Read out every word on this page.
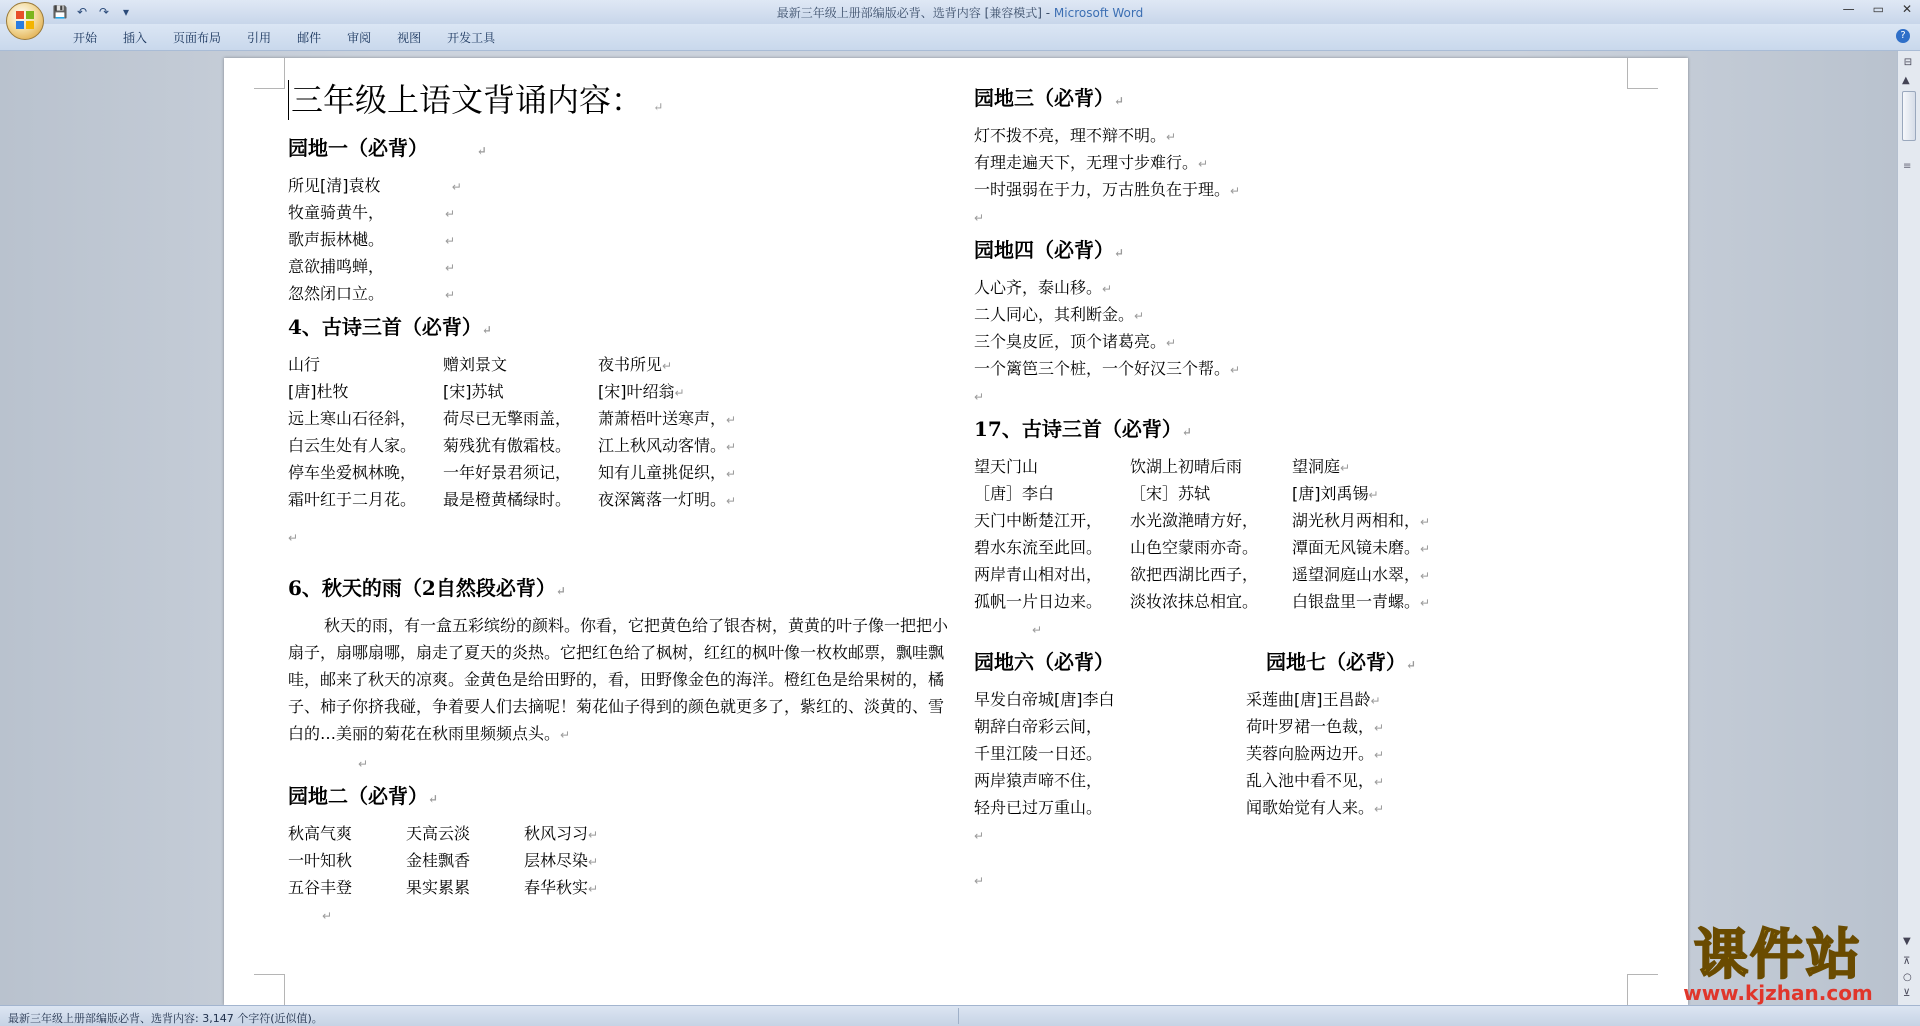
💾 ↶ ↷	▾	最新三年级上册部编版必背、选背内容 [兼容模式] - Microsoft Word	— ▭ ✕
开始	插入	页面布局	引用	邮件	审阅	视图	开发工具	?
三年级上语文背诵内容： ↵
园地一（必背）	↵
所见[清]袁枚	↵
牧童骑黄牛，	↵
歌声振林樾。	↵
意欲捕鸣蝉，	↵
忽然闭口立。	↵
4、古诗三首（必背）↵
山行	赠刘景文	夜书所见↵
[唐]杜牧	[宋]苏轼	[宋]叶绍翁↵
远上寒山石径斜，	荷尽已无擎雨盖，	萧萧梧叶送寒声，↵
白云生处有人家。	菊残犹有傲霜枝。	江上秋风动客情。↵
停车坐爱枫林晚，	一年好景君须记，	知有儿童挑促织，↵
霜叶红于二月花。	最是橙黄橘绿时。	夜深篱落一灯明。↵
↵
6、秋天的雨（2自然段必背）↵
秋天的雨，有一盒五彩缤纷的颜料。你看，它把黄色给了银杏树，黄黄的叶子像一把把小扇子，扇哪扇哪，扇走了夏天的炎热。它把红色给了枫树，红红的枫叶像一枚枚邮票，飘哇飘哇，邮来了秋天的凉爽。金黄色是给田野的，看，田野像金色的海洋。橙红色是给果树的，橘子、柿子你挤我碰，争着要人们去摘呢！菊花仙子得到的颜色就更多了，紫红的、淡黄的、雪白的…美丽的菊花在秋雨里频频点头。↵
↵
园地二（必背）↵
秋高气爽	天高云淡	秋风习习↵
一叶知秋	金桂飘香	层林尽染↵
五谷丰登	果实累累	春华秋实↵
↵
园地三（必背）↵
灯不拨不亮，理不辩不明。↵
有理走遍天下，无理寸步难行。↵
一时强弱在于力，万古胜负在于理。↵
↵
园地四（必背）↵
人心齐，泰山移。↵
二人同心，其利断金。↵
三个臭皮匠，顶个诸葛亮。↵
一个篱笆三个桩，一个好汉三个帮。↵
↵
17、古诗三首（必背）↵
望天门山	饮湖上初晴后雨	望洞庭↵
［唐］李白	［宋］苏轼	[唐]刘禹锡↵
天门中断楚江开，	水光潋滟晴方好，	湖光秋月两相和，↵
碧水东流至此回。	山色空蒙雨亦奇。	潭面无风镜未磨。↵
两岸青山相对出，	欲把西湖比西子，	遥望洞庭山水翠，↵
孤帆一片日边来。	淡妆浓抹总相宜。	白银盘里一青螺。↵
↵
园地六（必背）	园地七（必背）↵
早发白帝城[唐]李白	采莲曲[唐]王昌龄↵
朝辞白帝彩云间，	荷叶罗裙一色裁，↵
千里江陵一日还。	芙蓉向脸两边开。↵
两岸猿声啼不住，	乱入池中看不见，↵
轻舟已过万重山。	闻歌始觉有人来。↵
↵
↵
⊟
▲
≡
▼
⊼
○
⊻
课件站
www.kjzhan.com
最新三年级上册部编版必背、选背内容: 3,147 个字符(近似值)。
